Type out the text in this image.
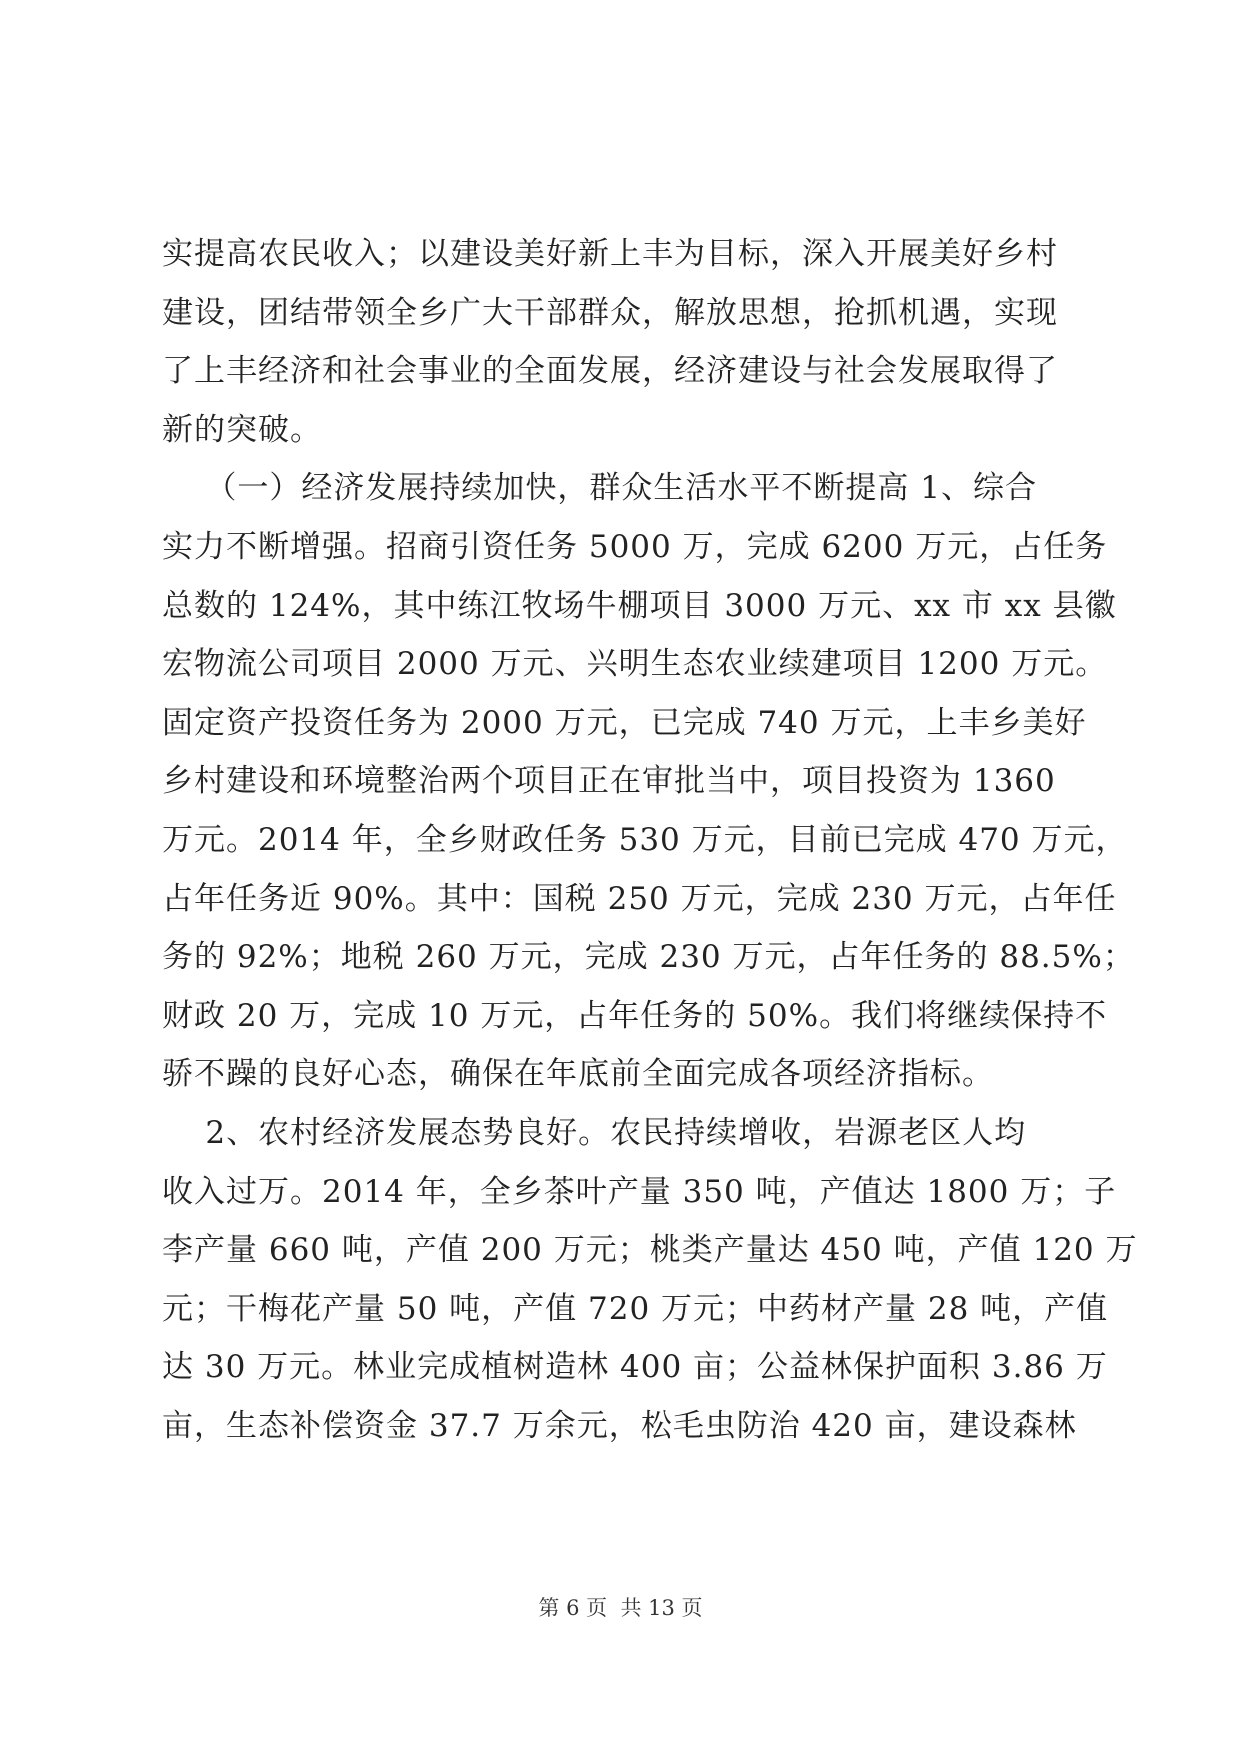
实提高农民收入；以建设美好新上丰为目标，深入开展美好乡村
建设，团结带领全乡广大干部群众，解放思想，抢抓机遇，实现
了上丰经济和社会事业的全面发展，经济建设与社会发展取得了
新的突破。
（一）经济发展持续加快，群众生活水平不断提高 1、综合
实力不断增强。招商引资任务 5000 万，完成 6200 万元，占任务
总数的 124%，其中练江牧场牛棚项目 3000 万元、xx 市 xx 县徽
宏物流公司项目 2000 万元、兴明生态农业续建项目 1200 万元。
固定资产投资任务为 2000 万元，已完成 740 万元，上丰乡美好
乡村建设和环境整治两个项目正在审批当中，项目投资为 1360
万元。2014 年，全乡财政任务 530 万元，目前已完成 470 万元，
占年任务近 90%。其中：国税 250 万元，完成 230 万元，占年任
务的 92%；地税 260 万元，完成 230 万元，占年任务的 88.5%；
财政 20 万，完成 10 万元，占年任务的 50%。我们将继续保持不
骄不躁的良好心态，确保在年底前全面完成各项经济指标。
2、农村经济发展态势良好。农民持续增收，岩源老区人均
收入过万。2014 年，全乡茶叶产量 350 吨，产值达 1800 万；子
李产量 660 吨，产值 200 万元；桃类产量达 450 吨，产值 120 万
元；干梅花产量 50 吨，产值 720 万元；中药材产量 28 吨，产值
达 30 万元。林业完成植树造林 400 亩；公益林保护面积 3.86 万
亩，生态补偿资金 37.7 万余元，松毛虫防治 420 亩，建设森林
第 6 页  共 13 页
